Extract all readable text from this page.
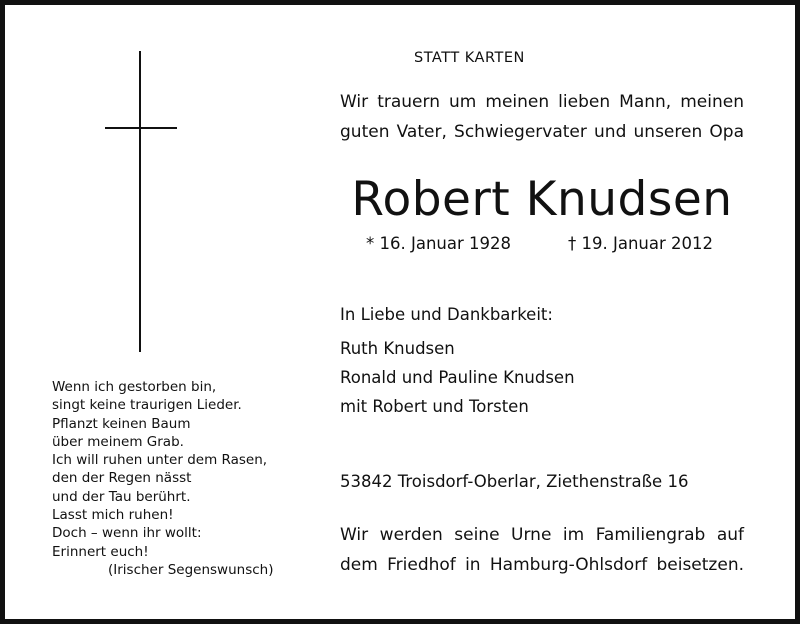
Wenn ich gestorben bin,
singt keine traurigen Lieder.
Pflanzt keinen Baum
über meinem Grab.
Ich will ruhen unter dem Rasen,
den der Regen nässt
und der Tau berührt.
Lasst mich ruhen!
Doch – wenn ihr wollt:
Erinnert euch!
(Irischer Segenswunsch)
STATT KARTEN
Wir trauern um meinen lieben Mann, meinen
guten Vater, Schwiegervater und unseren Opa
Robert Knudsen
* 16. Januar 1928	† 19. Januar 2012
In Liebe und Dankbarkeit:
Ruth Knudsen
Ronald und Pauline Knudsen
mit Robert und Torsten
53842 Troisdorf-Oberlar, Ziethenstraße 16
Wir werden seine Urne im Familiengrab auf
dem Friedhof in Hamburg-Ohlsdorf beisetzen.
